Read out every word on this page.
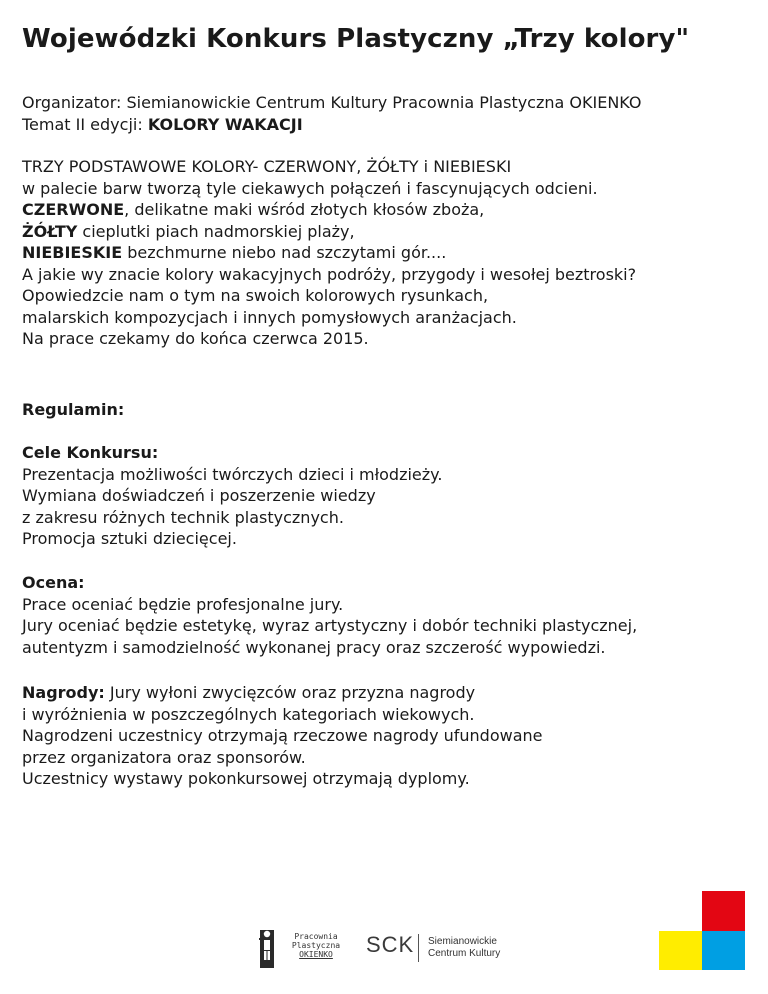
Wojewódzki Konkurs Plastyczny „Trzy kolory"
Organizator: Siemianowickie Centrum Kultury Pracownia Plastyczna OKIENKO
Temat II edycji: KOLORY WAKACJI
TRZY PODSTAWOWE KOLORY- CZERWONY, ŻÓŁTY i NIEBIESKI
w palecie barw tworzą tyle ciekawych połączeń i fascynujących odcieni.
CZERWONE, delikatne maki wśród złotych kłosów zboża,
ŻÓŁTY cieplutki piach nadmorskiej plaży,
NIEBIESKIE bezchmurne niebo nad szczytami gór....
A jakie wy znacie kolory wakacyjnych podróży, przygody i wesołej beztroski?
Opowiedzcie nam o tym na swoich kolorowych rysunkach,
malarskich kompozycjach i innych pomysłowych aranżacjach.
Na prace czekamy do końca czerwca 2015.
Regulamin:
Cele Konkursu:
Prezentacja możliwości twórczych dzieci i młodzieży.
Wymiana doświadczeń i poszerzenie wiedzy
z zakresu różnych technik plastycznych.
Promocja sztuki dziecięcej.
Ocena:
Prace oceniać będzie profesjonalne jury.
Jury oceniać będzie estetykę, wyraz artystyczny i dobór techniki plastycznej,
autentyzm i samodzielność wykonanej pracy oraz szczerość wypowiedzi.
Nagrody: Jury wyłoni zwycięzców oraz przyzna nagrody
i wyróżnienia w poszczególnych kategoriach wiekowych.
Nagrodzeni uczestnicy otrzymają rzeczowe nagrody ufundowane
przez organizatora oraz sponsorów.
Uczestnicy wystawy pokonkursowej otrzymają dyplomy.
Pracownia
Plastyczna
OKIENKO	SCK Siemianowickie
Centrum Kultury
